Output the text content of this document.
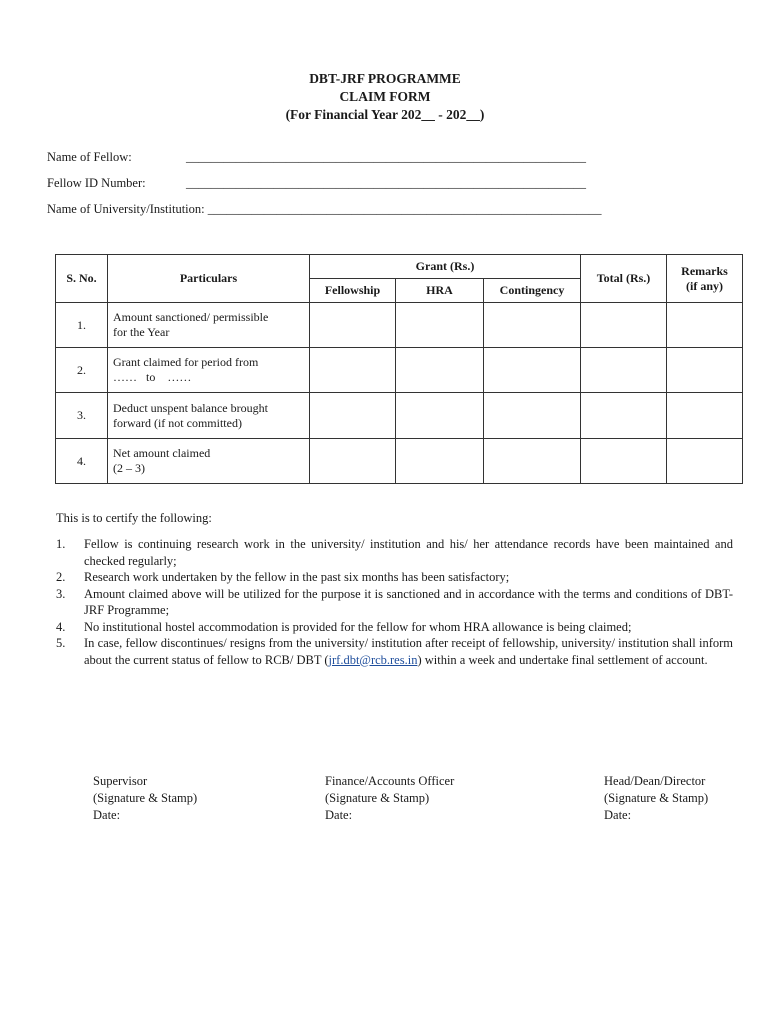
DBT-JRF PROGRAMME
CLAIM FORM
(For Financial Year 202__ - 202__)
Name of Fellow:	________________________________________________________________
Fellow ID Number:	________________________________________________________________
Name of University/Institution: _______________________________________________________________
S. No.	Particulars	Grant (Rs.)			Total (Rs.)	Remarks
(if any)

		Fellowship	HRA	Contingency		
1.	Amount sanctioned/ permissible
for the Year					

2.	Grant claimed for period from
……   to    ……					

3.	Deduct unspent balance brought
forward (if not committed)					

4.	Net amount claimed
(2 – 3)					

This is to certify the following:
1. Fellow is continuing research work in the university/ institution and his/ her attendance records have been maintained and checked regularly;
2. Research work undertaken by the fellow in the past six months has been satisfactory;
3. Amount claimed above will be utilized for the purpose it is sanctioned and in accordance with the terms and conditions of DBT-JRF Programme;
4. No institutional hostel accommodation is provided for the fellow for whom HRA allowance is being claimed;
5. In case, fellow discontinues/ resigns from the university/ institution after receipt of fellowship, university/ institution shall inform about the current status of fellow to RCB/ DBT (jrf.dbt@rcb.res.in) within a week and undertake final settlement of account.
Supervisor
(Signature & Stamp)
Date:
Finance/Accounts Officer
(Signature & Stamp)
Date:
Head/Dean/Director
(Signature & Stamp)
Date:
